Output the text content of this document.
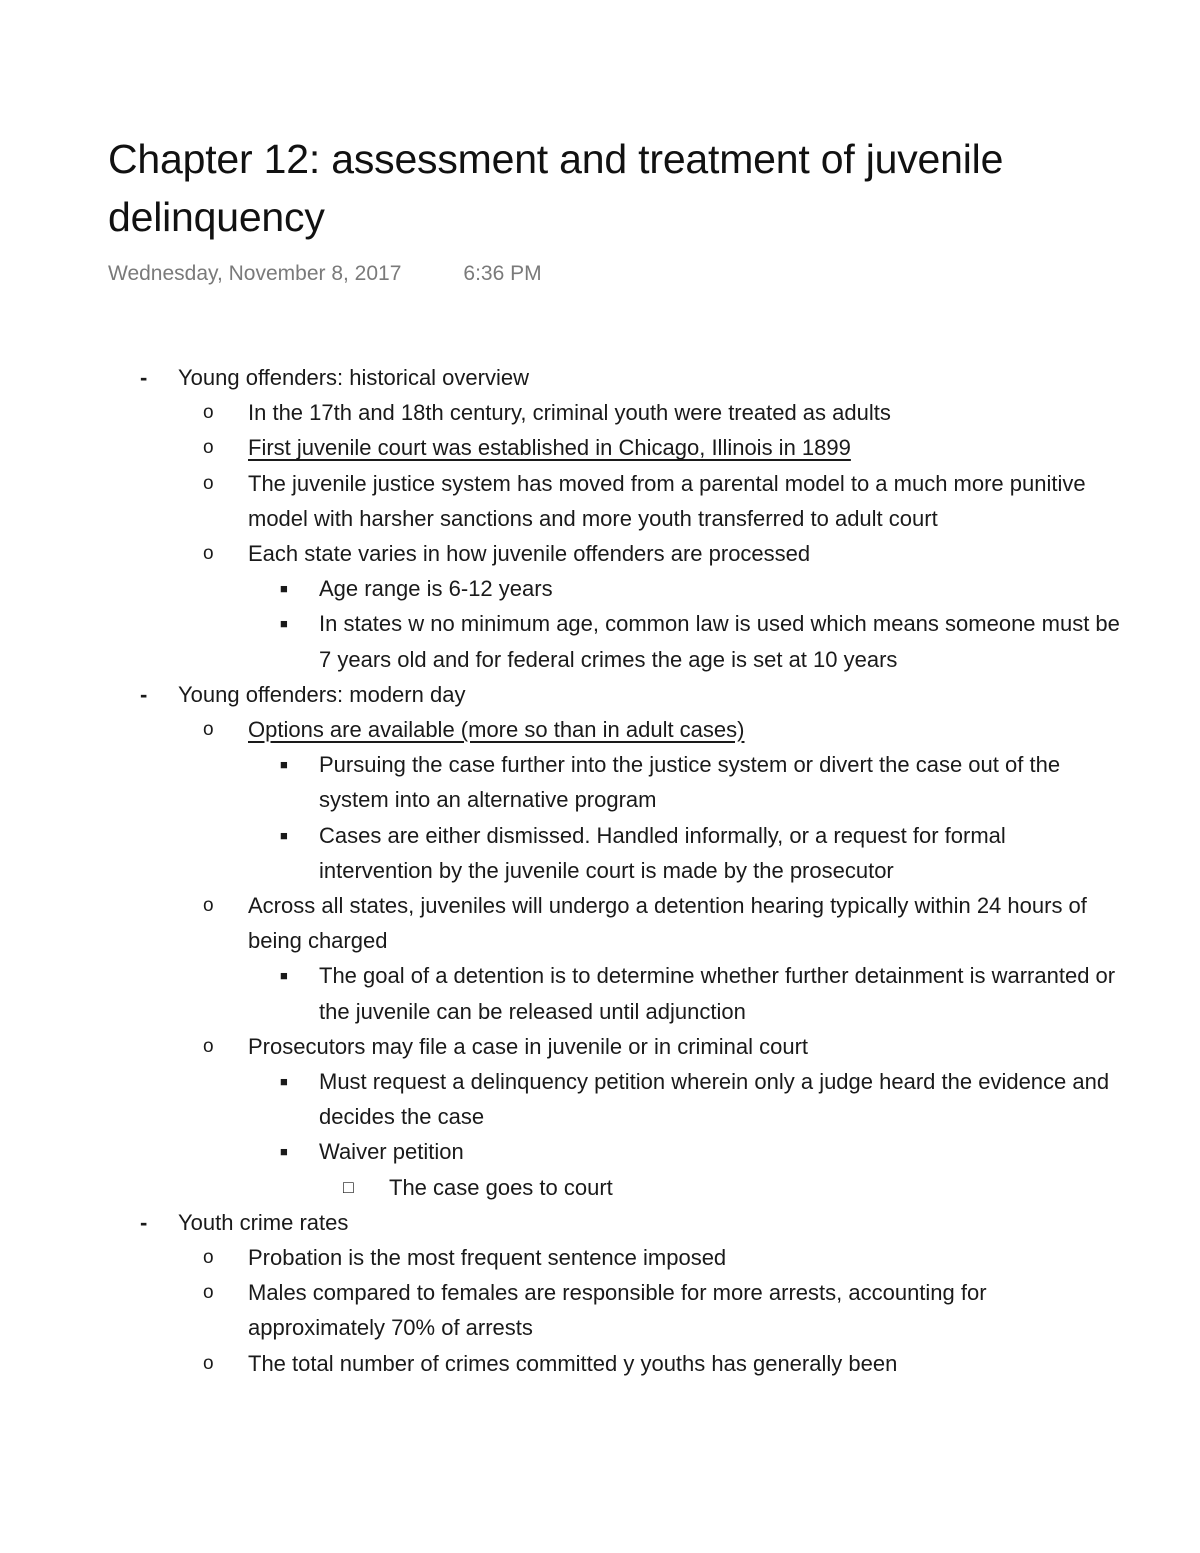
Chapter 12: assessment and treatment of juvenile delinquency
Wednesday, November 8, 2017	6:36 PM
- Young offenders: historical overview
o In the 17th and 18th century, criminal youth were treated as adults
o First juvenile court was established in Chicago, Illinois in 1899
o The juvenile justice system has moved from a parental model to a much more punitive model with harsher sanctions and more youth transferred to adult court
o Each state varies in how juvenile offenders are processed
■ Age range is 6-12 years
■ In states w no minimum age, common law is used which means someone must be 7 years old and for federal crimes the age is set at 10 years
- Young offenders: modern day
o Options are available (more so than in adult cases)
■ Pursuing the case further into the justice system or divert the case out of the system into an alternative program
■ Cases are either dismissed. Handled informally, or a request for formal intervention by the juvenile court is made by the prosecutor
o Across all states, juveniles will undergo a detention hearing typically within 24 hours of being charged
■ The goal of a detention is to determine whether further detainment is warranted or the juvenile can be released until adjunction
o Prosecutors may file a case in juvenile or in criminal court
■ Must request a delinquency petition wherein only a judge heard the evidence and decides the case
■ Waiver petition
□ The case goes to court
- Youth crime rates
o Probation is the most frequent sentence imposed
o Males compared to females are responsible for more arrests, accounting for approximately 70% of arrests
o The total number of crimes committed y youths has generally been
